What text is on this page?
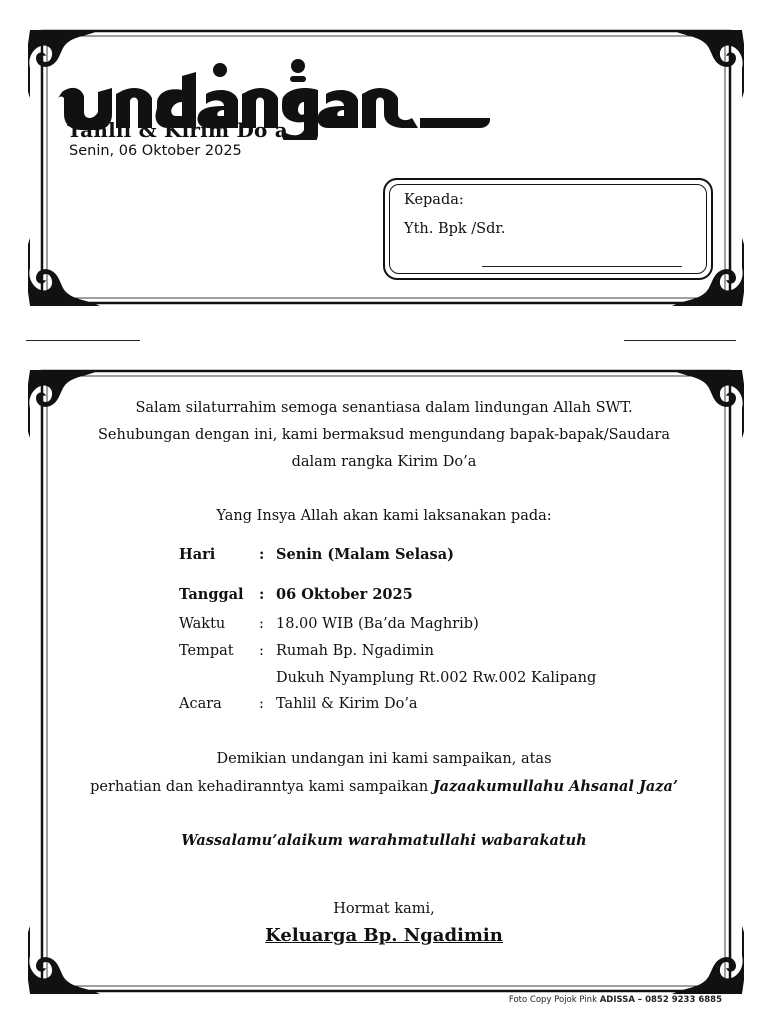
Tahlil & Kirim Do’a
Senin, 06 Oktober 2025
Kepada:
Yth. Bpk /Sdr.
Salam silaturrahim semoga senantiasa dalam lindungan Allah SWT.
Sehubungan dengan ini, kami bermaksud mengundang bapak-bapak/Saudara
dalam rangka Kirim Do’a
Yang Insya Allah akan kami laksanakan pada:
Hari	: Senin (Malam Selasa)
Tanggal : 06 Oktober 2025
Waktu : 18.00 WIB (Ba’da Maghrib)
Tempat : Rumah Bp. Ngadimin
Dukuh Nyamplung Rt.002 Rw.002 Kalipang
Acara	: Tahlil & Kirim Do’a
Demikian undangan ini kami sampaikan, atas
perhatian dan kehadiranntya kami sampaikan Jazaakumullahu Ahsanal Jaza’
Wassalamu’alaikum warahmatullahi wabarakatuh
Hormat kami,
Keluarga Bp. Ngadimin
Foto Copy Pojok Pink ADISSA – 0852 9233 6885
